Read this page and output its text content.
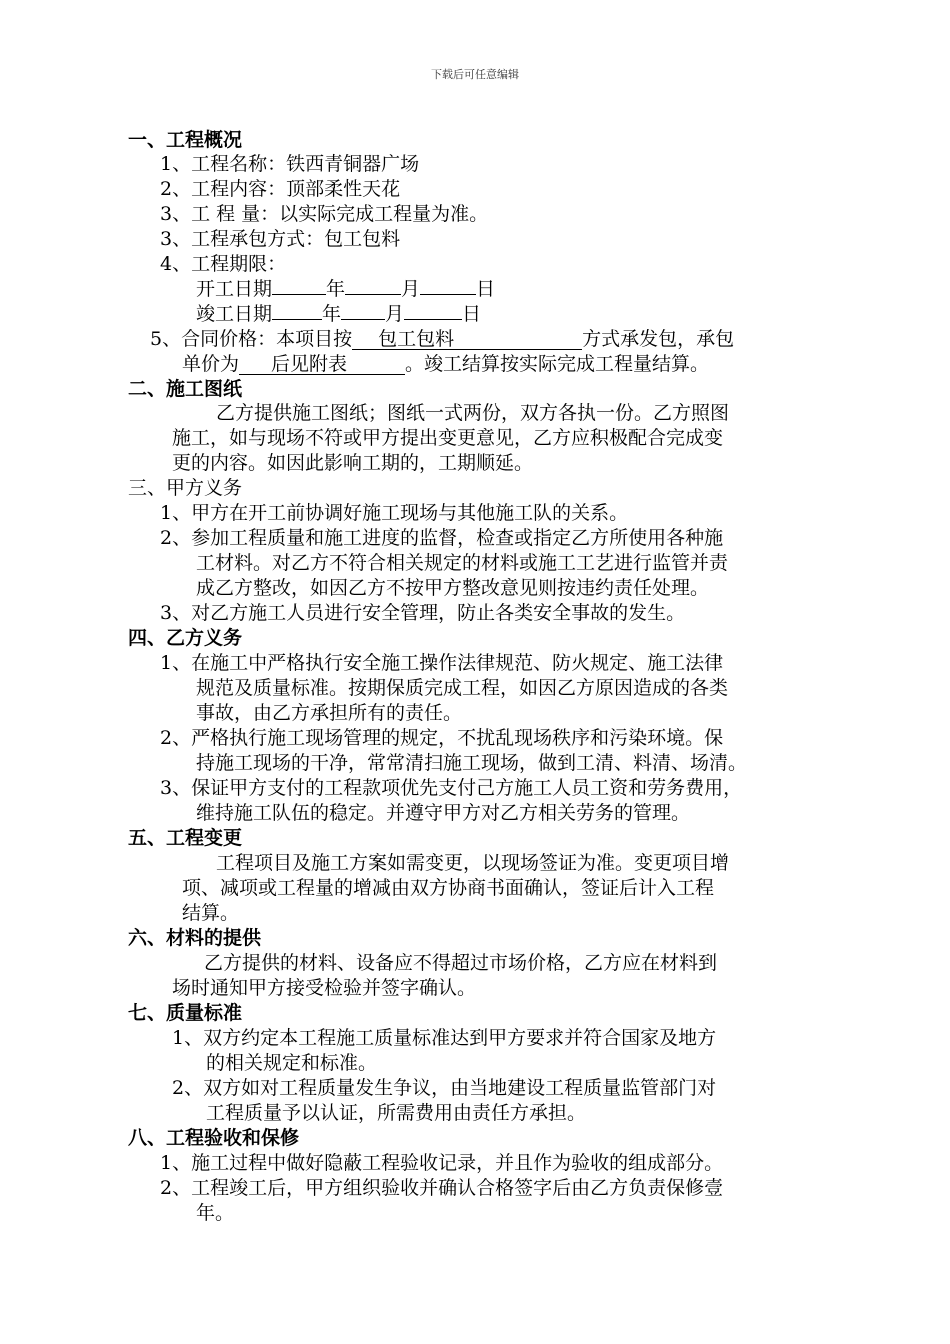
下载后可任意编辑
一、工程概况
1、工程名称：铁西青铜器广场
2、工程内容：顶部柔性天花
3、工 程 量：以实际完成工程量为准。
3、工程承包方式：包工包料
4、工程期限：
开工日期	年	月	日
竣工日期	年 月	日
5、合同价格：本项目按 包工包料	方式承发包，承包
单价为 后见附表	。竣工结算按实际完成工程量结算。
二、施工图纸
乙方提供施工图纸；图纸一式两份，双方各执一份。乙方照图
施工，如与现场不符或甲方提出变更意见，乙方应积极配合完成变
更的内容。如因此影响工期的，工期顺延。
三、甲方义务
1、甲方在开工前协调好施工现场与其他施工队的关系。
2、参加工程质量和施工进度的监督，检查或指定乙方所使用各种施
工材料。对乙方不符合相关规定的材料或施工工艺进行监管并责
成乙方整改，如因乙方不按甲方整改意见则按违约责任处理。
3、对乙方施工人员进行安全管理，防止各类安全事故的发生。
四、乙方义务
1、在施工中严格执行安全施工操作法律规范、防火规定、施工法律
规范及质量标准。按期保质完成工程，如因乙方原因造成的各类
事故，由乙方承担所有的责任。
2、严格执行施工现场管理的规定，不扰乱现场秩序和污染环境。保
持施工现场的干净，常常清扫施工现场，做到工清、料清、场清。
3、保证甲方支付的工程款项优先支付己方施工人员工资和劳务费用，
维持施工队伍的稳定。并遵守甲方对乙方相关劳务的管理。
五、工程变更
工程项目及施工方案如需变更，以现场签证为准。变更项目增
项、减项或工程量的增减由双方协商书面确认，签证后计入工程
结算。
六、材料的提供
乙方提供的材料、设备应不得超过市场价格，乙方应在材料到
场时通知甲方接受检验并签字确认。
七、质量标准
1、双方约定本工程施工质量标准达到甲方要求并符合国家及地方
的相关规定和标准。
2、双方如对工程质量发生争议，由当地建设工程质量监管部门对
工程质量予以认证，所需费用由责任方承担。
八、工程验收和保修
1、施工过程中做好隐蔽工程验收记录，并且作为验收的组成部分。
2、工程竣工后，甲方组织验收并确认合格签字后由乙方负责保修壹
年。
